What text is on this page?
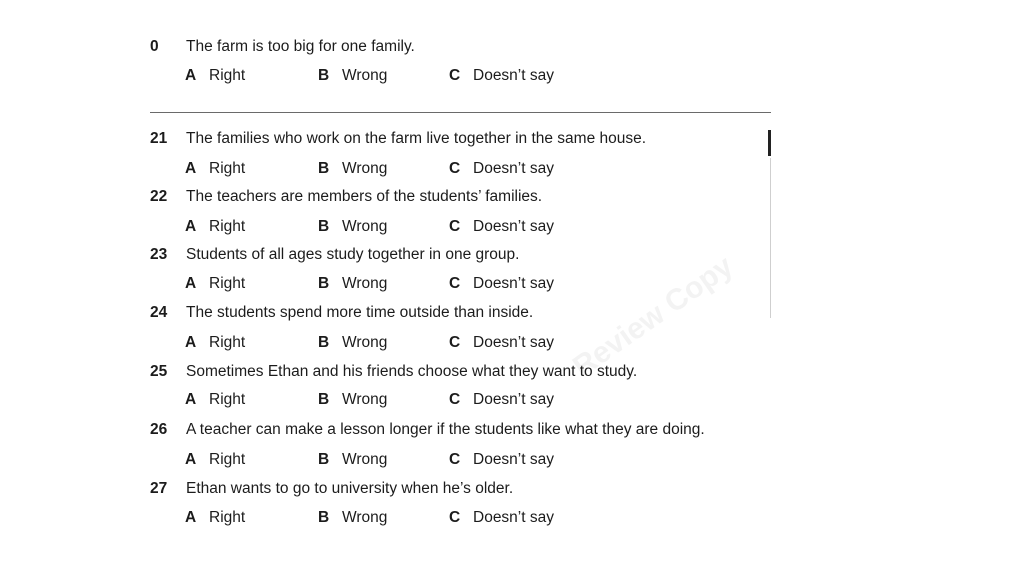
Review Copy
0 The farm is too big for one family.
A Right	B Wrong	C Doesn’t say
21 The families who work on the farm live together in the same house.
A Right	B Wrong	C Doesn’t say
22 The teachers are members of the students’ families.
A Right	B Wrong	C Doesn’t say
23 Students of all ages study together in one group.
A Right	B Wrong	C Doesn’t say
24 The students spend more time outside than inside.
A Right	B Wrong	C Doesn’t say
25 Sometimes Ethan and his friends choose what they want to study.
A Right	B Wrong	C Doesn’t say
26 A teacher can make a lesson longer if the students like what they are doing.
A Right	B Wrong	C Doesn’t say
27 Ethan wants to go to university when he’s older.
A Right	B Wrong	C Doesn’t say
